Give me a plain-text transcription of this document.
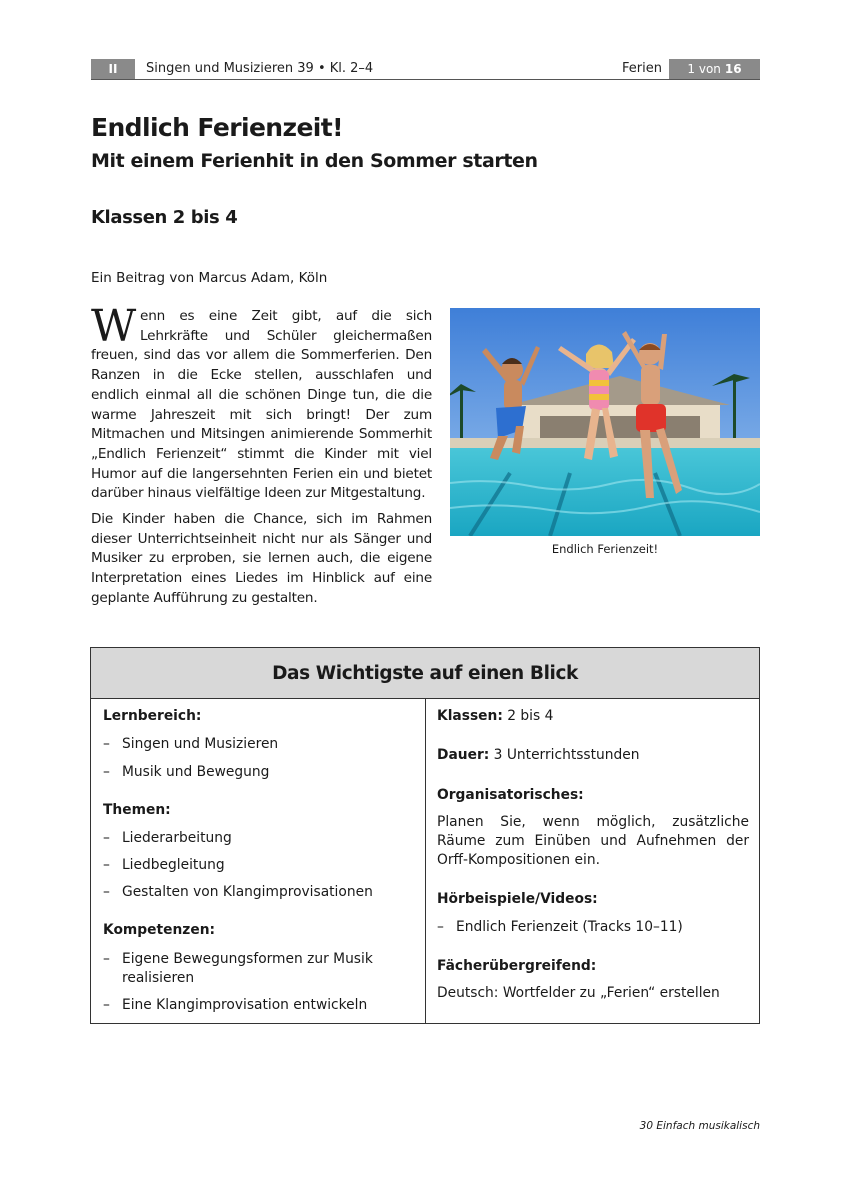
II	Singen und Musizieren 39 • Kl. 2–4	Ferien	1 von 16
Endlich Ferienzeit!
Mit einem Ferienhit in den Sommer starten
Klassen 2 bis 4
Ein Beitrag von Marcus Adam, Köln

Wenn es eine Zeit gibt, auf die sich Lehrkräfte und Schüler gleichermaßen freuen, sind das vor allem die Sommerferien. Den Ranzen in die Ecke stellen, ausschlafen und endlich einmal all die schönen Dinge tun, die die warme Jahreszeit mit sich bringt! Der zum Mitmachen und Mitsingen animierende Sommerhit „Endlich Ferienzeit“ stimmt die Kinder mit viel Humor auf die langersehnten Ferien ein und bietet darüber hinaus vielfältige Ideen zur Mitgestaltung.

Die Kinder haben die Chance, sich im Rahmen dieser Unterrichtseinheit nicht nur als Sänger und Musiker zu erproben, sie lernen auch, die eigene Interpretation eines Liedes im Hinblick auf eine geplante Aufführung zu gestalten.

Endlich Ferienzeit!
Das Wichtigste auf einen Blick
Lernbereich:
– Singen und Musizieren
– Musik und Bewegung
Themen:
– Liederarbeitung
– Liedbegleitung
– Gestalten von Klangimprovisationen
Kompetenzen:
– Eigene Bewegungsformen zur Musik realisieren
– Eine Klangimprovisation entwickeln
Klassen: 2 bis 4
Dauer: 3 Unterrichtsstunden
Organisatorisches:
Planen Sie, wenn möglich, zusätzliche Räume zum Einüben und Aufnehmen der Orff-Kompositionen ein.
Hörbeispiele/Videos:
– Endlich Ferienzeit (Tracks 10–11)
Fächerübergreifend:
Deutsch: Wortfelder zu „Ferien“ erstellen
30 Einfach musikalisch
